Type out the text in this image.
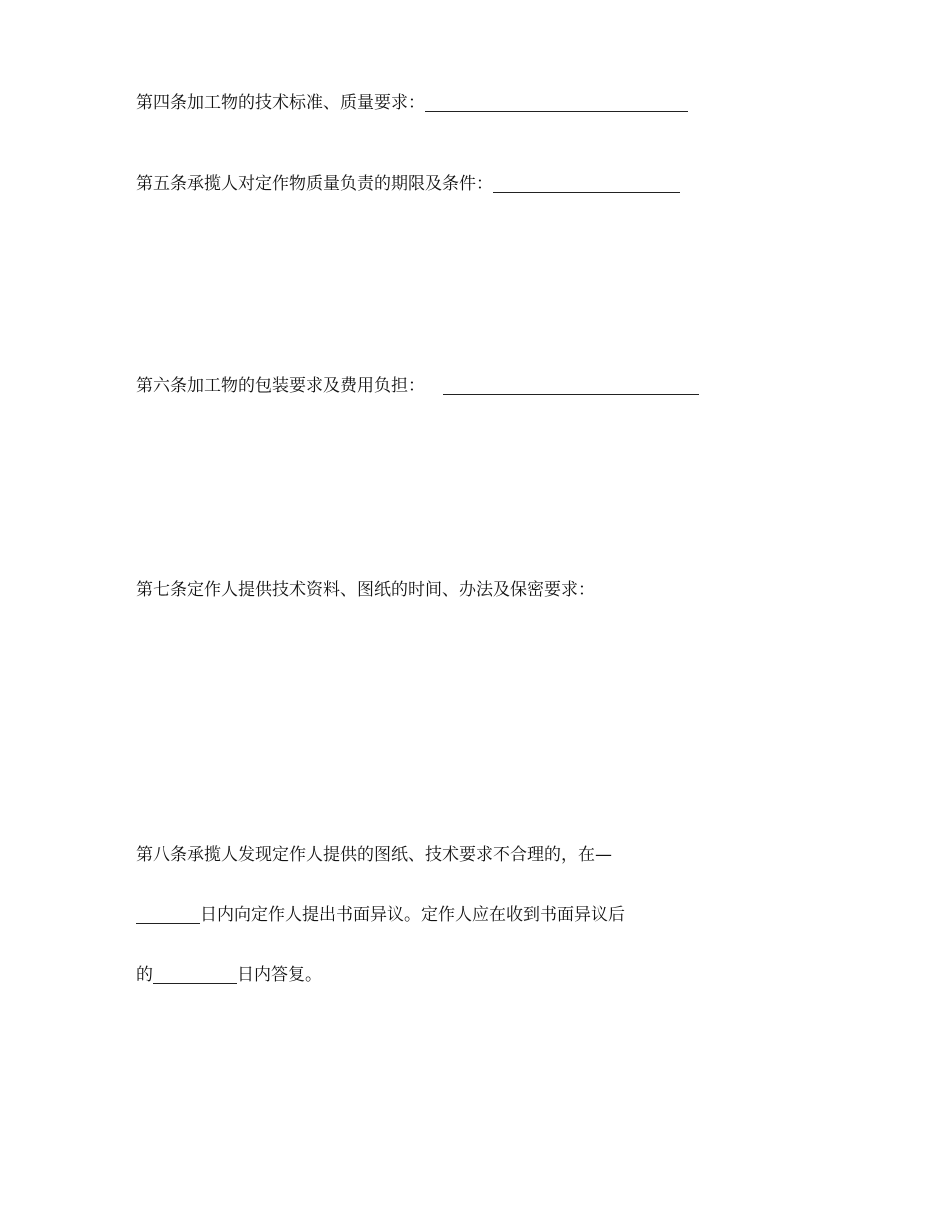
第四条加工物的技术标准、质量要求：
第五条承揽人对定作物质量负责的期限及条件：
第六条加工物的包装要求及费用负担：
第七条定作人提供技术资料、图纸的时间、办法及保密要求：
第八条承揽人发现定作人提供的图纸、技术要求不合理的，在—
日内向定作人提出书面异议。定作人应在收到书面异议后
的	日内答复。
